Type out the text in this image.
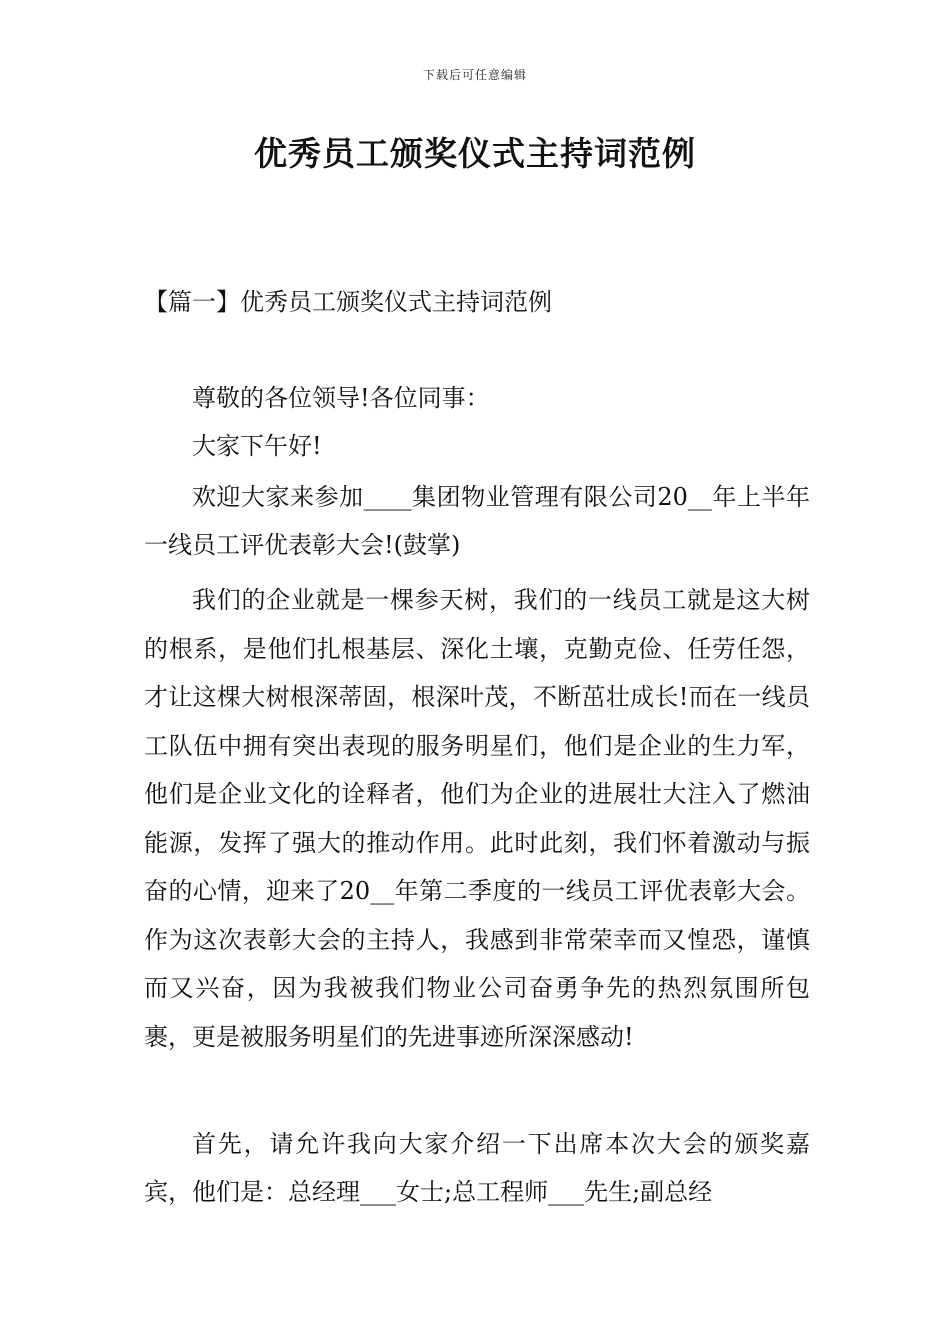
下载后可任意编辑
优秀员工颁奖仪式主持词范例
【篇一】优秀员工颁奖仪式主持词范例

尊敬的各位领导!各位同事：

大家下午好!

欢迎大家来参加____集团物业管理有限公司20__年上半年一线员工评优表彰大会!(鼓掌)

我们的企业就是一棵参天树，我们的一线员工就是这大树的根系，是他们扎根基层、深化土壤，克勤克俭、任劳任怨，才让这棵大树根深蒂固，根深叶茂，不断茁壮成长!而在一线员工队伍中拥有突出表现的服务明星们，他们是企业的生力军，他们是企业文化的诠释者，他们为企业的进展壮大注入了燃油能源，发挥了强大的推动作用。此时此刻，我们怀着激动与振奋的心情，迎来了20__年第二季度的一线员工评优表彰大会。作为这次表彰大会的主持人，我感到非常荣幸而又惶恐，谨慎而又兴奋，因为我被我们物业公司奋勇争先的热烈氛围所包裹，更是被服务明星们的先进事迹所深深感动!

首先，请允许我向大家介绍一下出席本次大会的颁奖嘉宾，他们是：总经理___女士;总工程师___先生;副总经
